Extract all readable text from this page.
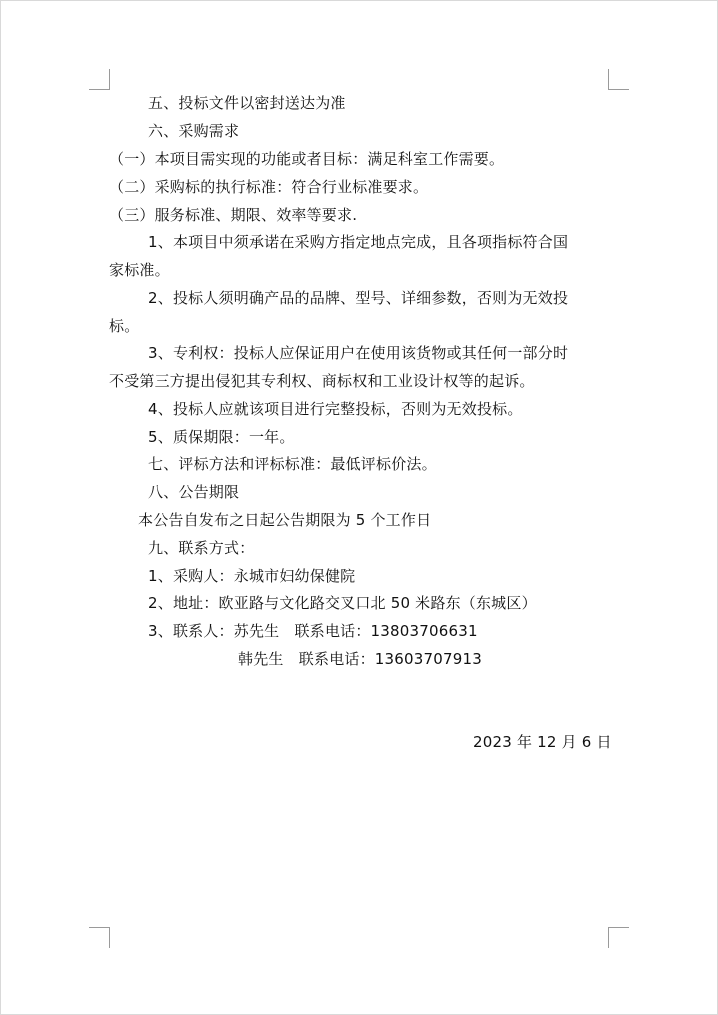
五、投标文件以密封送达为准
六、采购需求
（一）本项目需实现的功能或者目标：满足科室工作需要。
（二）采购标的执行标准：符合行业标准要求。
（三）服务标准、期限、效率等要求.
1、本项目中须承诺在采购方指定地点完成，且各项指标符合国
家标准。
2、投标人须明确产品的品牌、型号、详细参数，否则为无效投
标。
3、专利权：投标人应保证用户在使用该货物或其任何一部分时
不受第三方提出侵犯其专利权、商标权和工业设计权等的起诉。
4、投标人应就该项目进行完整投标，否则为无效投标。
5、质保期限：一年。
七、评标方法和评标标准：最低评标价法。
八、公告期限
本公告自发布之日起公告期限为 5 个工作日
九、联系方式：
1、采购人：永城市妇幼保健院
2、地址：欧亚路与文化路交叉口北 50 米路东（东城区）
3、联系人：苏先生　联系电话：13803706631
韩先生　联系电话：13603707913
2023 年 12 月 6 日
